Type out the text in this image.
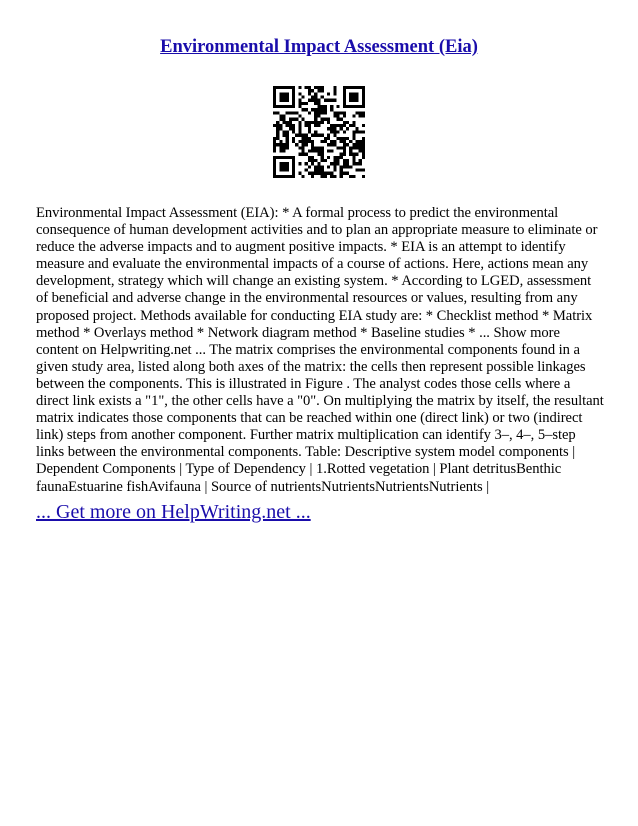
Environmental Impact Assessment (Eia)

Environmental Impact Assessment (EIA): * A formal process to predict the environmental consequence of human development activities and to plan an appropriate measure to eliminate or reduce the adverse impacts and to augment positive impacts. * EIA is an attempt to identify measure and evaluate the environmental impacts of a course of actions. Here, actions mean any development, strategy which will change an existing system. * According to LGED, assessment of beneficial and adverse change in the environmental resources or values, resulting from any proposed project. Methods available for conducting EIA study are: * Checklist method * Matrix method * Overlays method * Network diagram method * Baseline studies * ... Show more content on Helpwriting.net ... The matrix comprises the environmental components found in a given study area, listed along both axes of the matrix: the cells then represent possible linkages between the components. This is illustrated in Figure . The analyst codes those cells where a direct link exists a "1", the other cells have a "0". On multiplying the matrix by itself, the resultant matrix indicates those components that can be reached within one (direct link) or two (indirect link) steps from another component. Further matrix multiplication can identify 3–, 4–, 5–step links between the environmental components. Table: Descriptive system model components | Dependent Components | Type of Dependency | 1.Rotted vegetation | Plant detritusBenthic faunaEstuarine fishAvifauna | Source of nutrientsNutrientsNutrientsNutrients |

... Get more on HelpWriting.net ...
